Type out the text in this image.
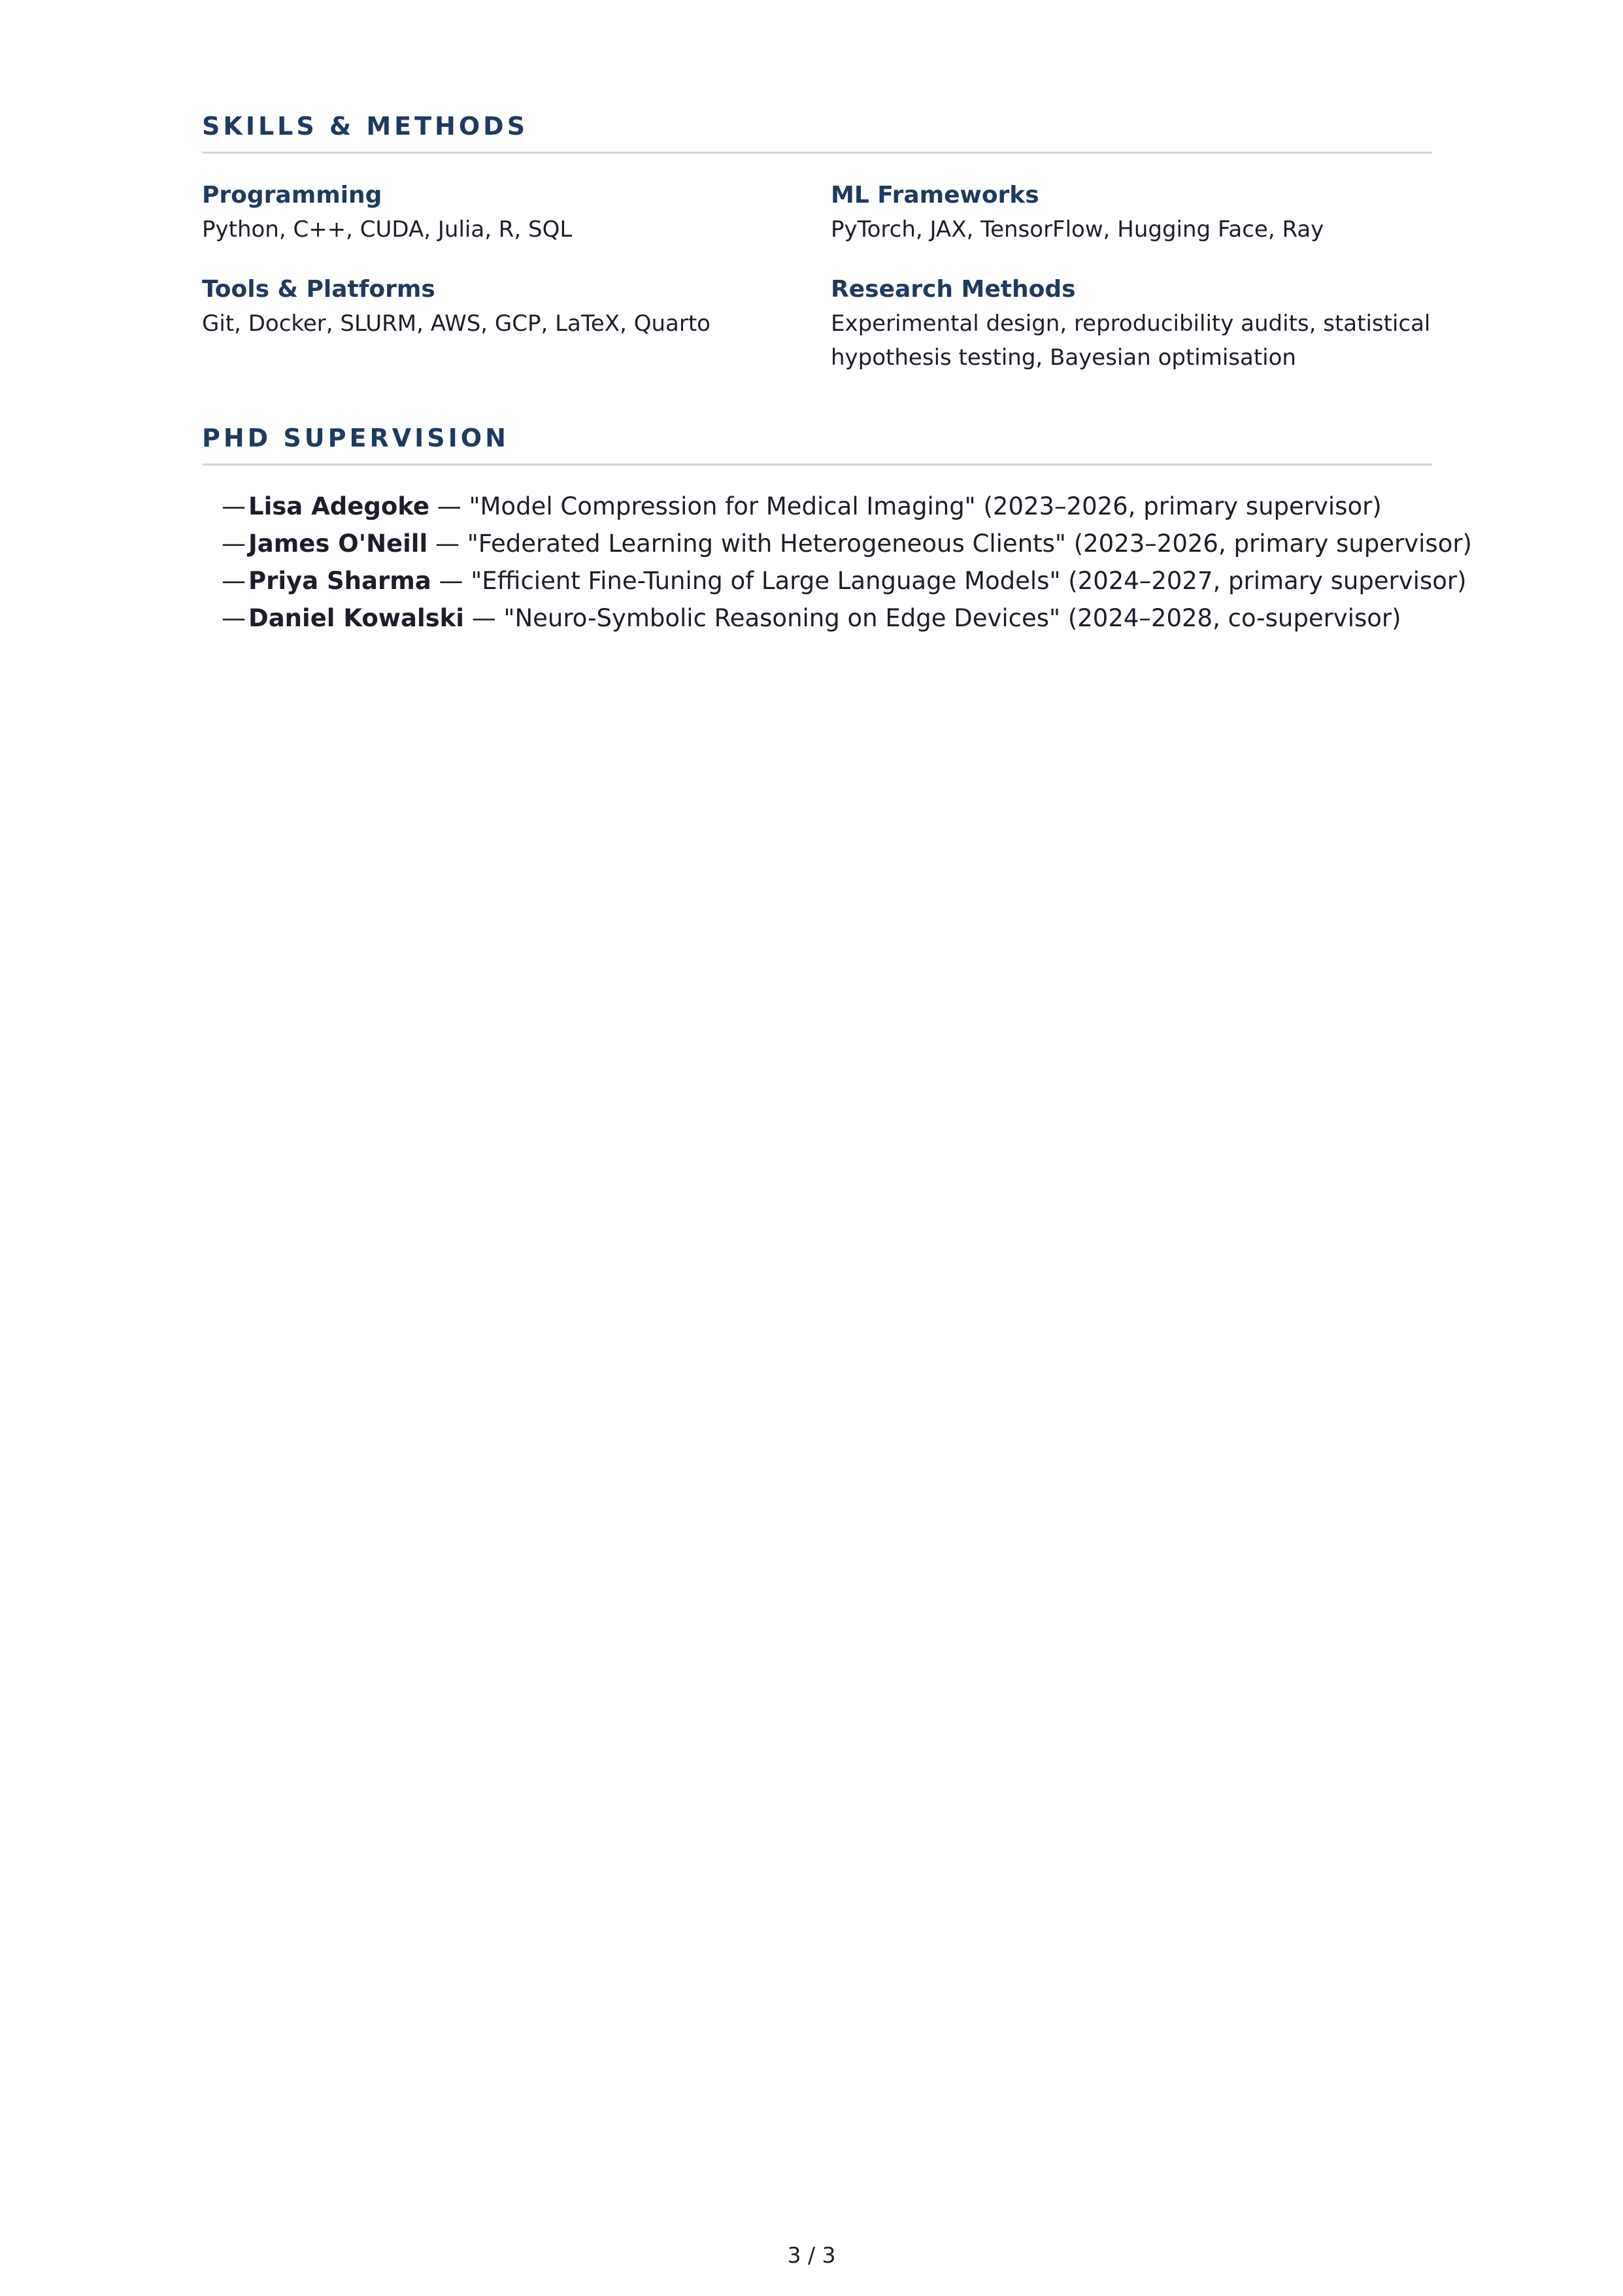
SKILLS & METHODS
Programming
Python, C++, CUDA, Julia, R, SQL
ML Frameworks
PyTorch, JAX, TensorFlow, Hugging Face, Ray
Tools & Platforms
Git, Docker, SLURM, AWS, GCP, LaTeX, Quarto
Research Methods
Experimental design, reproducibility audits, statistical hypothesis testing, Bayesian optimisation
PHD SUPERVISION
— Lisa Adegoke — "Model Compression for Medical Imaging" (2023–2026, primary supervisor)
— James O'Neill — "Federated Learning with Heterogeneous Clients" (2023–2026, primary supervisor)
— Priya Sharma — "Efficient Fine-Tuning of Large Language Models" (2024–2027, primary supervisor)
— Daniel Kowalski — "Neuro-Symbolic Reasoning on Edge Devices" (2024–2028, co-supervisor)
3 / 3
